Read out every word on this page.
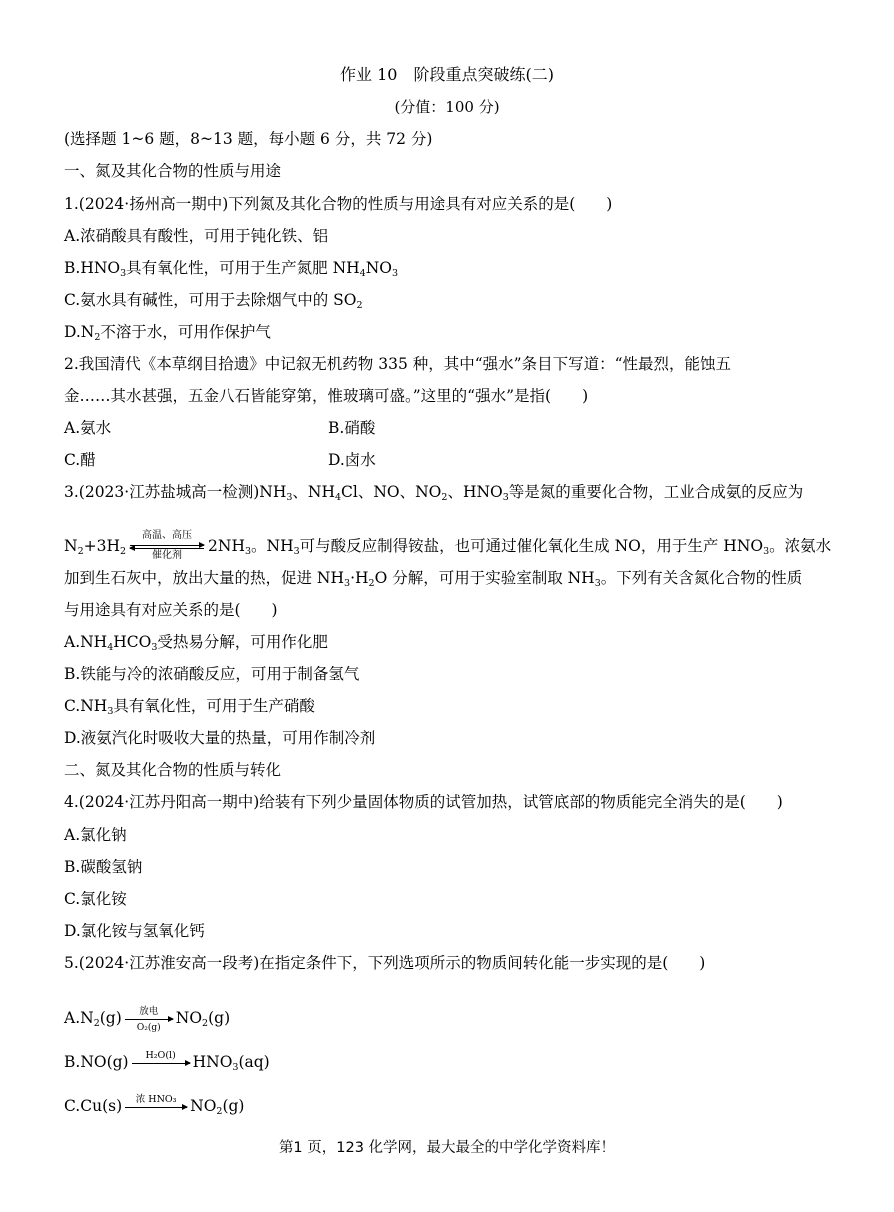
作业 10　阶段重点突破练(二)
(分值：100 分)
(选择题 1~6 题，8~13 题，每小题 6 分，共 72 分)
一、氮及其化合物的性质与用途
1.(2024·扬州高一期中)下列氮及其化合物的性质与用途具有对应关系的是(　　)
A.浓硝酸具有酸性，可用于钝化铁、铝
$B.HNO_3$具有氧化性，可用于生产氮肥 $NH_4NO_3$
C.氨水具有碱性，可用于去除烟气中的 $SO_2$
$D.N_2$不溶于水，可用作保护气
2.我国清代《本草纲目拾遗》中记叙无机药物 335 种，其中“强水”条目下写道：“性最烈，能蚀五
金……其水甚强，五金八石皆能穿第，惟玻璃可盛。”这里的“强水”是指(　　)
A.氨水	B.硝酸
C.醋	D.卤水
3.(2023·江苏盐城高一检测)$NH_3$、$NH_4Cl$、NO、$NO_2$、$HNO_3$等是氮的重要化合物，工业合成氨的反应为
$N_2+3H_2$
高温、高压
催化剂
$2NH_3$。$NH_3$可与酸反应制得铵盐，也可通过催化氧化生成 NO，用于生产 $HNO_3$。浓氨水
加到生石灰中，放出大量的热，促进 $NH_3\cdot H_2O$ 分解，可用于实验室制取 $NH_3$。下列有关含氮化合物的性质
与用途具有对应关系的是(　　)
$A.NH_4HCO_3$受热易分解，可用作化肥
B.铁能与冷的浓硝酸反应，可用于制备氢气
$C.NH_3$具有氧化性，可用于生产硝酸
D.液氨汽化时吸收大量的热量，可用作制冷剂
二、氮及其化合物的性质与转化
4.(2024·江苏丹阳高一期中)给装有下列少量固体物质的试管加热，试管底部的物质能完全消失的是(　　)
A.氯化钠
B.碳酸氢钠
C.氯化铵
D.氯化铵与氢氧化钙
5.(2024·江苏淮安高一段考)在指定条件下，下列选项所示的物质间转化能一步实现的是(　　)
$A.N_2(g)$	放电
O₂(g)
$NO_2(g)$
B.NO(g)	H₂O(l)	$HNO_3(aq)$
C.Cu(s)	浓 HNO₃ $NO_2(g)$
第1 页，123 化学网，最大最全的中学化学资料库！
